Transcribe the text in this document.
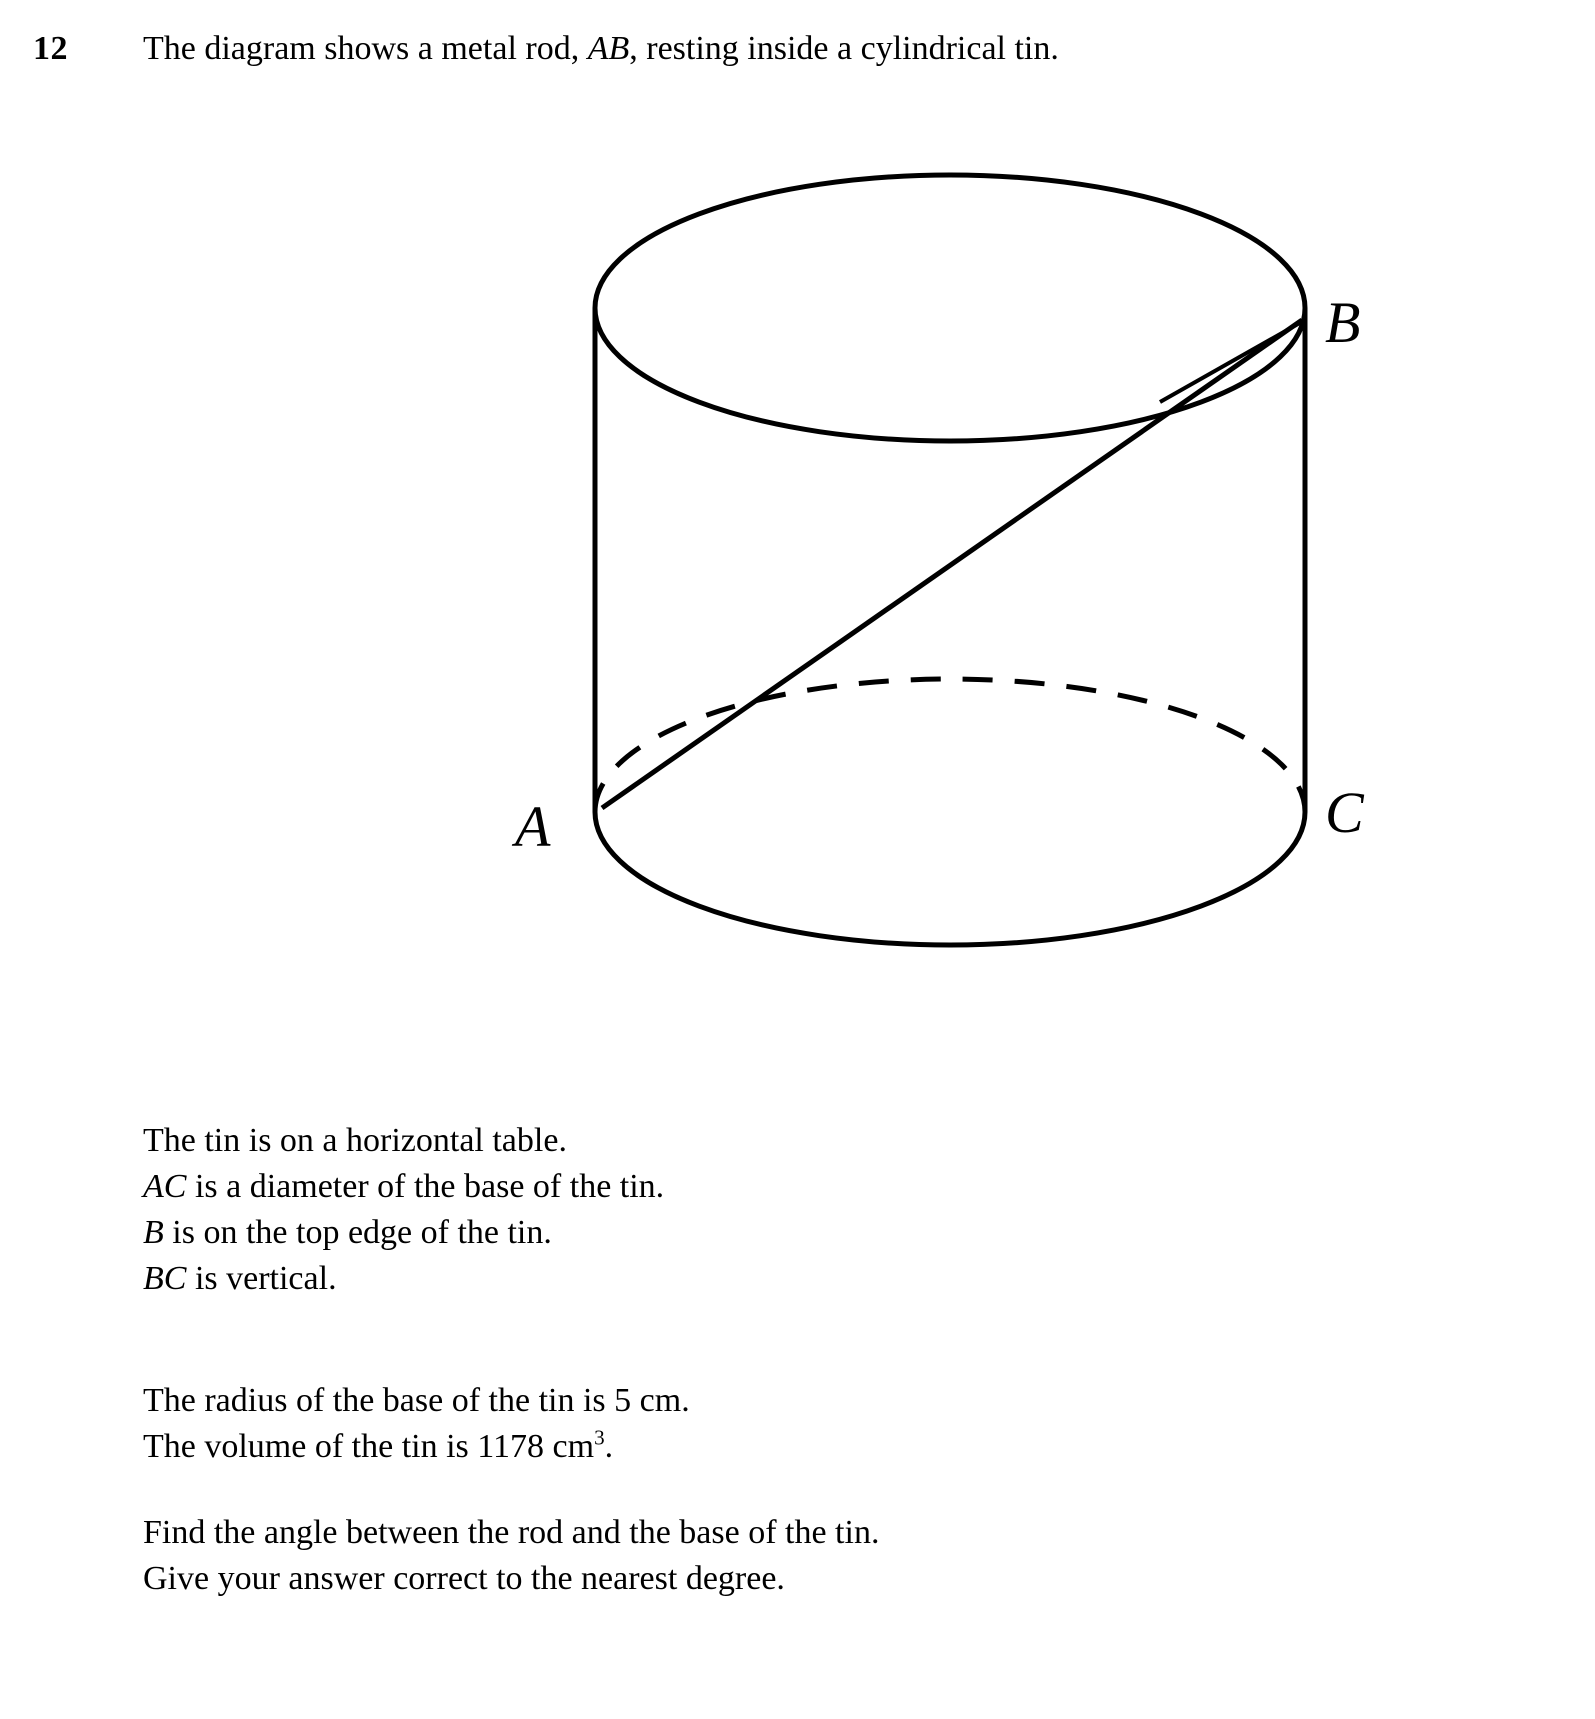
12 The diagram shows a metal rod, AB, resting inside a cylindrical tin.
B
C
A
The tin is on a horizontal table.
AC is a diameter of the base of the tin.
B is on the top edge of the tin.
BC is vertical.
The radius of the base of the tin is 5 cm.
The volume of the tin is 1178 $cm^3$.
Find the angle between the rod and the base of the tin.
Give your answer correct to the nearest degree.
